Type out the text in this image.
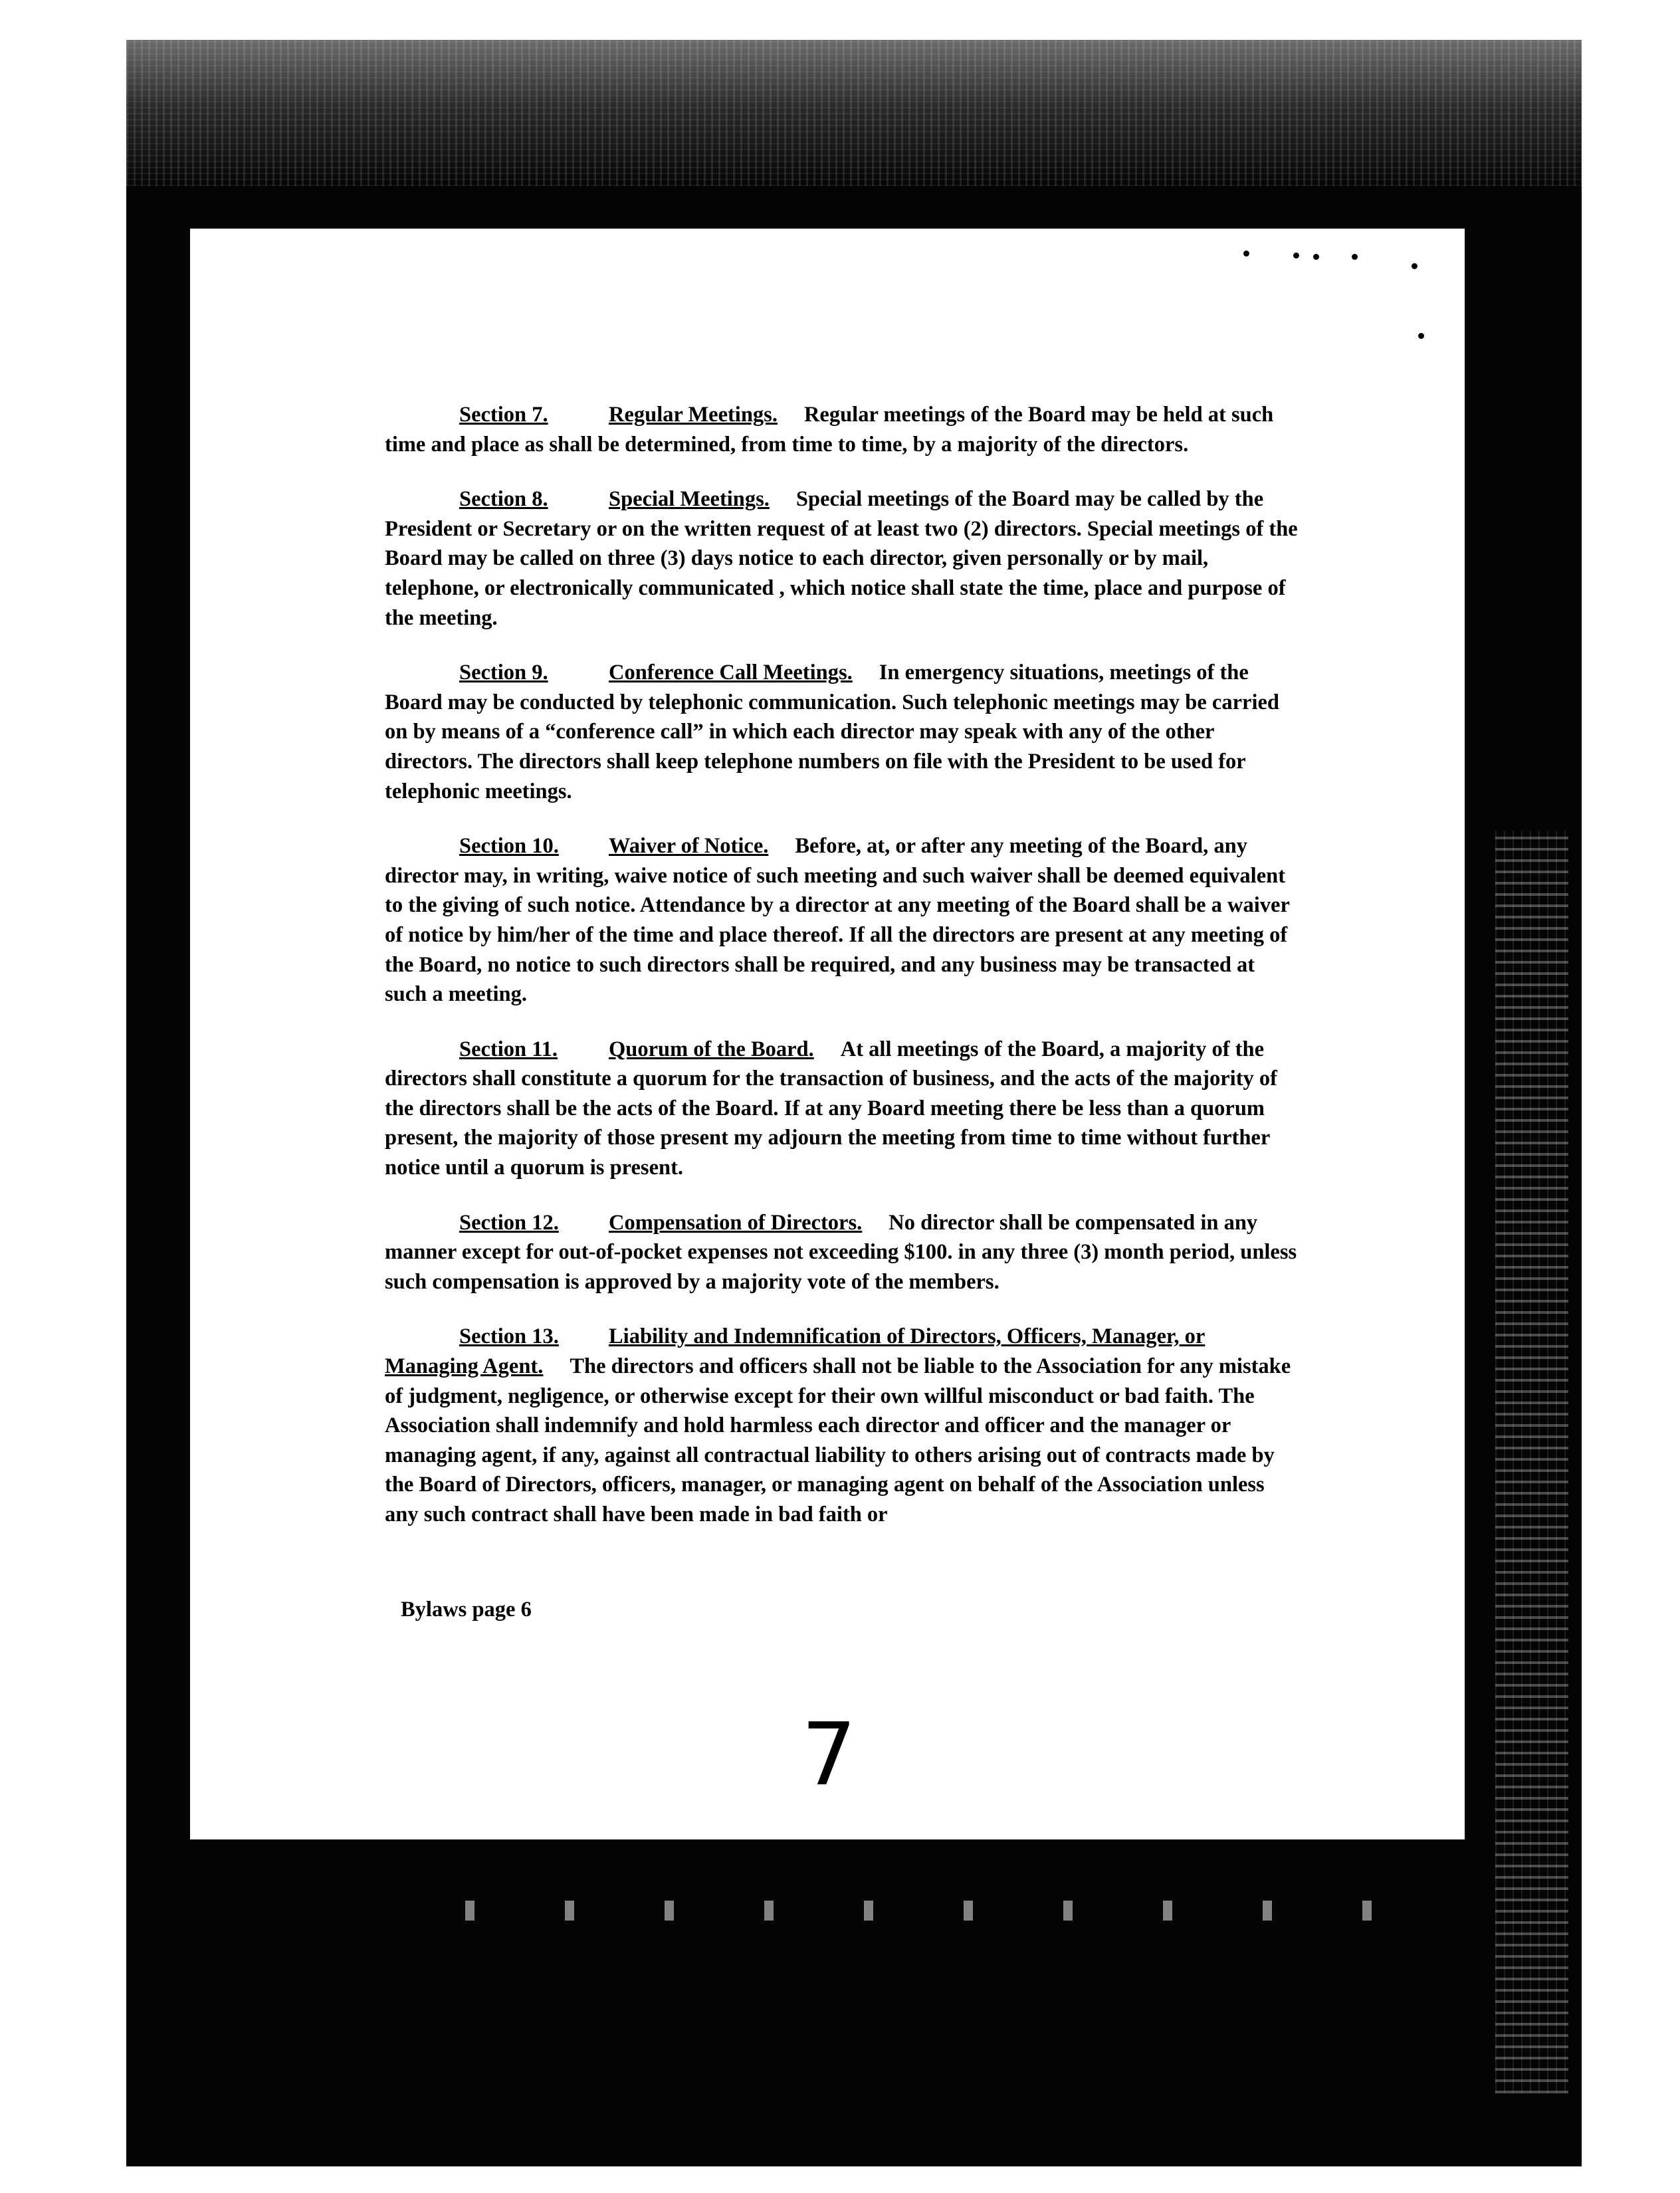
Section 7.	Regular Meetings. Regular meetings of the Board may be held at such time and place as shall be determined, from time to time, by a majority of the directors.

Section 8.	Special Meetings. Special meetings of the Board may be called by the President or Secretary or on the written request of at least two (2) directors. Special meetings of the Board may be called on three (3) days notice to each director, given personally or by mail, telephone, or electronically communicated , which notice shall state the time, place and purpose of the meeting.

Section 9.	Conference Call Meetings. In emergency situations, meetings of the Board may be conducted by telephonic communication. Such telephonic meetings may be carried on by means of a “conference call” in which each director may speak with any of the other directors. The directors shall keep telephone numbers on file with the President to be used for telephonic meetings.

Section 10. Waiver of Notice. Before, at, or after any meeting of the Board, any director may, in writing, waive notice of such meeting and such waiver shall be deemed equivalent to the giving of such notice. Attendance by a director at any meeting of the Board shall be a waiver of notice by him/her of the time and place thereof. If all the directors are present at any meeting of the Board, no notice to such directors shall be required, and any business may be transacted at such a meeting.

Section 11. Quorum of the Board. At all meetings of the Board, a majority of the directors shall constitute a quorum for the transaction of business, and the acts of the majority of the directors shall be the acts of the Board. If at any Board meeting there be less than a quorum present, the majority of those present my adjourn the meeting from time to time without further notice until a quorum is present.

Section 12. Compensation of Directors. No director shall be compensated in any manner except for out-of-pocket expenses not exceeding $100. in any three (3) month period, unless such compensation is approved by a majority vote of the members.

Section 13. Liability and Indemnification of Directors, Officers, Manager, or Managing Agent. The directors and officers shall not be liable to the Association for any mistake of judgment, negligence, or otherwise except for their own willful misconduct or bad faith. The Association shall indemnify and hold harmless each director and officer and the manager or managing agent, if any, against all contractual liability to others arising out of contracts made by the Board of Directors, officers, manager, or managing agent on behalf of the Association unless any such contract shall have been made in bad faith or

Bylaws page 6
7
